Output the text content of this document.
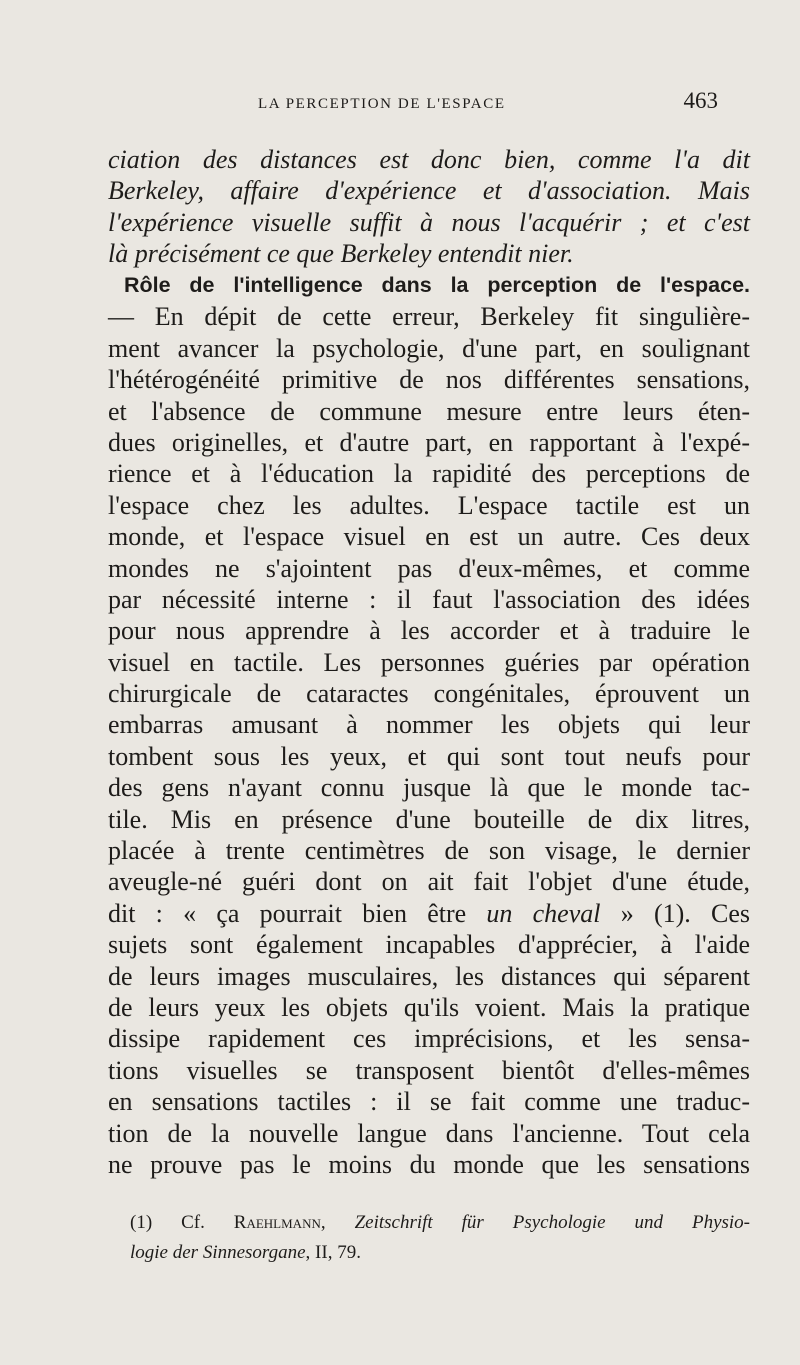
LA PERCEPTION DE L'ESPACE	463
ciation des distances est donc bien, comme l'a dit
Berkeley, affaire d'expérience et d'association. Mais
l'expérience visuelle suffit à nous l'acquérir ; et c'est
là précisément ce que Berkeley entendit nier.
Rôle de l'intelligence dans la perception de l'espace.
— En dépit de cette erreur, Berkeley fit singulière-
ment avancer la psychologie, d'une part, en soulignant
l'hétérogénéité primitive de nos différentes sensations,
et l'absence de commune mesure entre leurs éten-
dues originelles, et d'autre part, en rapportant à l'expé-
rience et à l'éducation la rapidité des perceptions de
l'espace chez les adultes. L'espace tactile est un
monde, et l'espace visuel en est un autre. Ces deux
mondes ne s'ajointent pas d'eux-mêmes, et comme
par nécessité interne : il faut l'association des idées
pour nous apprendre à les accorder et à traduire le
visuel en tactile. Les personnes guéries par opération
chirurgicale de cataractes congénitales, éprouvent un
embarras amusant à nommer les objets qui leur
tombent sous les yeux, et qui sont tout neufs pour
des gens n'ayant connu jusque là que le monde tac-
tile. Mis en présence d'une bouteille de dix litres,
placée à trente centimètres de son visage, le dernier
aveugle-né guéri dont on ait fait l'objet d'une étude,
dit : « ça pourrait bien être un cheval » (1). Ces
sujets sont également incapables d'apprécier, à l'aide
de leurs images musculaires, les distances qui séparent
de leurs yeux les objets qu'ils voient. Mais la pratique
dissipe rapidement ces imprécisions, et les sensa-
tions visuelles se transposent bientôt d'elles-mêmes
en sensations tactiles : il se fait comme une traduc-
tion de la nouvelle langue dans l'ancienne. Tout cela
ne prouve pas le moins du monde que les sensations
(1) Cf. Raehlmann, Zeitschrift für Psychologie und Physio-
logie der Sinnesorgane, II, 79.
